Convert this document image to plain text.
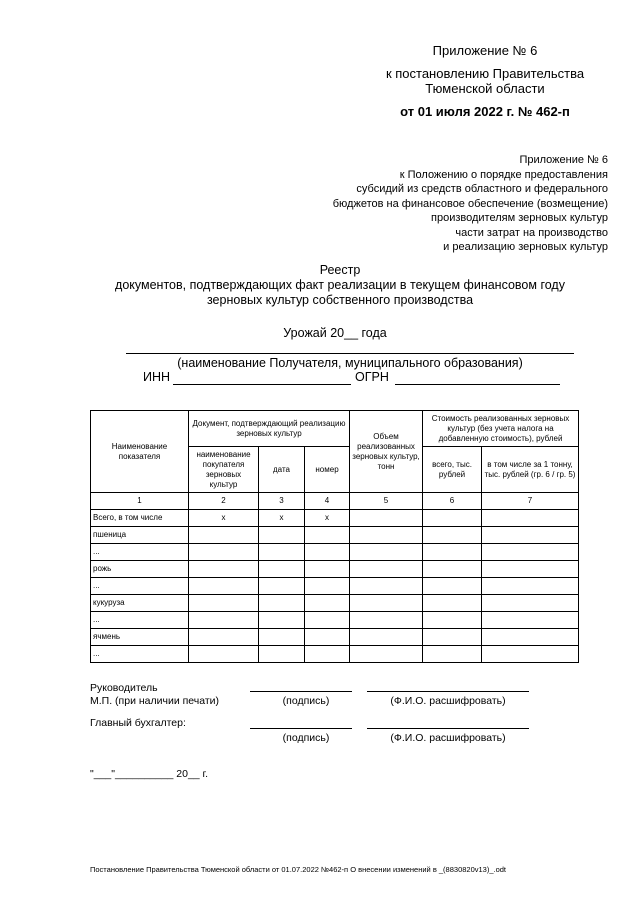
Приложение № 6
к постановлению Правительства
Тюменской области
от 01 июля 2022 г. № 462-п
Приложение № 6
к Положению о порядке предоставления
субсидий из средств областного и федерального
бюджетов на финансовое обеспечение (возмещение)
производителям зерновых культур
части затрат на производство
и реализацию зерновых культур
Реестр
документов, подтверждающих факт реализации в текущем финансовом году
зерновых культур собственного производства
Урожай 20__ года
(наименование Получателя, муниципального образования)
ИНН	ОГРН
Наименование показателя	Документ, подтверждающий реализацию зерновых культур			Объем реализованных зерновых культур, тонн	Стоимость реализованных зерновых культур (без учета налога на добавленную стоимость), рублей	
	наименование покупателя зерновых культур	дата	номер		всего, тыс. рублей	в том числе за 1 тонну, тыс. рублей (гр. 6 / гр. 5)
1	2	3	4	5	6	7
Всего, в том числе	х	х	х			
пшеница						
...						
рожь						
...						
кукуруза						
...						
ячмень						
...						
Руководитель
М.П. (при наличии печати)	(подпись)	(Ф.И.О. расшифровать)
Главный бухгалтер:
(подпись)	(Ф.И.О. расшифровать)
"___"__________ 20__ г.
Постановление Правительства Тюменской области от 01.07.2022 №462-п О внесении изменений в _(8830820v13)_.odt
